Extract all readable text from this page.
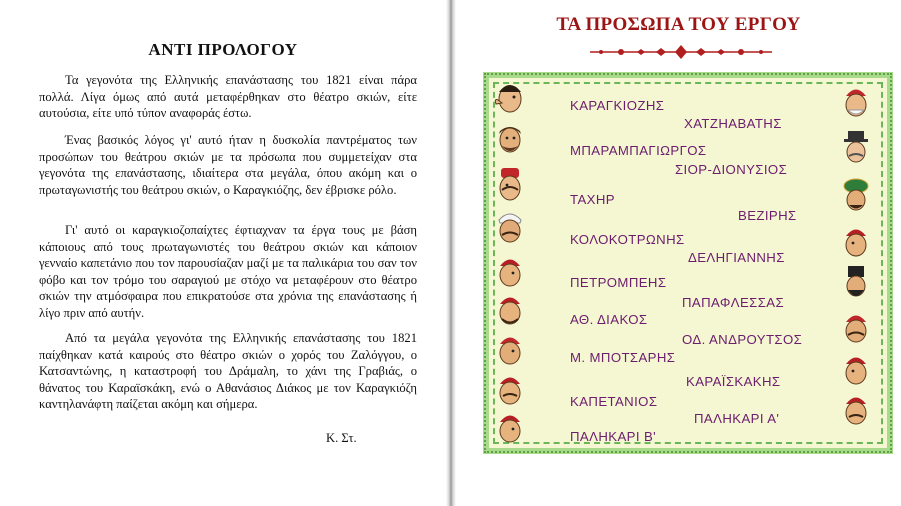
ΑΝΤΙ ΠΡΟΛΟΓΟΥ

Τα γεγονότα της Ελληνικής επανάστασης του 1821 είναι πάρα πολλά. Λίγα όμως από αυτά μεταφέρθηκαν στο θέατρο σκιών, είτε αυτούσια, είτε υπό τύπον αναφοράς έστω.

Ένας βασικός λόγος γι' αυτό ήταν η δυσκολία παντρέματος των προσώπων του θεάτρου σκιών με τα πρόσωπα που συμμετείχαν στα γεγονότα της επανάστασης, ιδιαίτερα στα μεγάλα, όπου ακόμη και ο πρωταγωνιστής του θεάτρου σκιών, ο Καραγκιόζης, δεν έβρισκε ρόλο.

Γι' αυτό οι καραγκιοζοπαίχτες έφτιαχναν τα έργα τους με βάση κάποιους από τους πρωταγωνιστές του θεάτρου σκιών και κάποιον γενναίο καπετάνιο που τον παρουσίαζαν μαζί με τα παλικάρια του σαν τον φόβο και τον τρόμο του σαραγιού με στόχο να μεταφέρουν στο θέατρο σκιών την ατμόσφαιρα που επικρατούσε στα χρόνια της επανάστασης ή λίγο πριν από αυτήν.

Από τα μεγάλα γεγονότα της Ελληνικής επανάστασης του 1821 παίχθηκαν κατά καιρούς στο θέατρο σκιών ο χορός του Ζαλόγγου, ο Κατσαντώνης, η καταστροφή του Δράμαλη, το χάνι της Γραβιάς, ο θάνατος του Καραϊσκάκη, ενώ ο Αθανάσιος Διάκος με τον Καραγκιόζη καντηλανάφτη παίζεται ακόμη και σήμερα.

Κ. Στ.
ΤΑ ΠΡΟΣΩΠΑ ΤΟΥ ΕΡΓΟΥ
ΚΑΡΑΓΚΙΟΖΗΣ
ΧΑΤΖΗΑΒΑΤΗΣ
ΜΠΑΡΑΜΠΑΓΙΩΡΓΟΣ
ΣΙΟΡ-ΔΙΟΝΥΣΙΟΣ
ΤΑΧΗΡ
ΒΕΖΙΡΗΣ
ΚΟΛΟΚΟΤΡΩΝΗΣ
ΔΕΛΗΓΙΑΝΝΗΣ
ΠΕΤΡΟΜΠΕΗΣ
ΠΑΠΑΦΛΕΣΣΑΣ
ΑΘ. ΔΙΑΚΟΣ
ΟΔ. ΑΝΔΡΟΥΤΣΟΣ
Μ. ΜΠΟΤΣΑΡΗΣ
ΚΑΡΑΪΣΚΑΚΗΣ
ΚΑΠΕΤΑΝΙΟΣ
ΠΑΛΗΚΑΡΙ Α'
ΠΑΛΗΚΑΡΙ Β'
